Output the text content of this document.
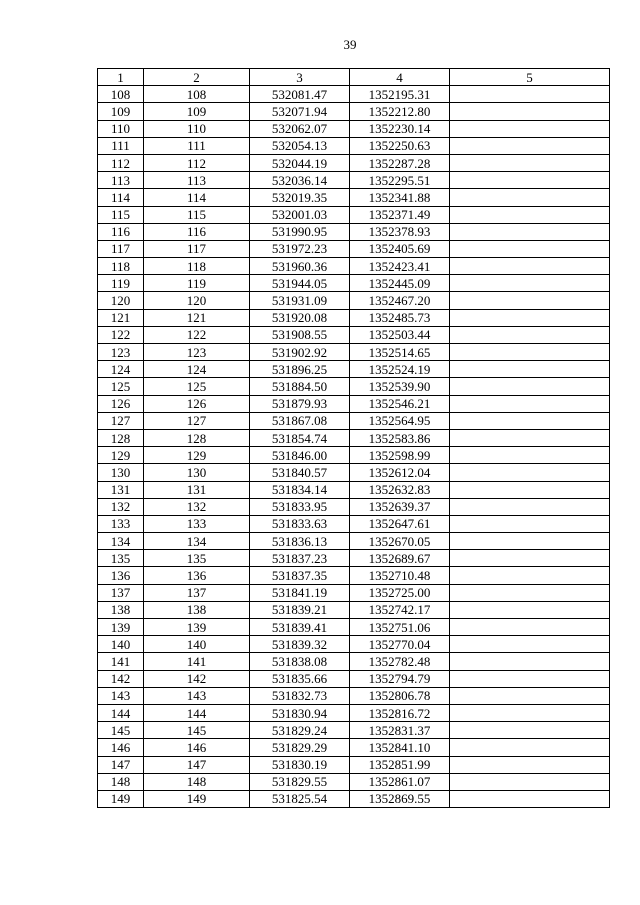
39
1	2	3	4	5
108	108	532081.47	1352195.31	
109	109	532071.94	1352212.80	
110	110	532062.07	1352230.14	
111	111	532054.13	1352250.63	
112	112	532044.19	1352287.28	
113	113	532036.14	1352295.51	
114	114	532019.35	1352341.88	
115	115	532001.03	1352371.49	
116	116	531990.95	1352378.93	
117	117	531972.23	1352405.69	
118	118	531960.36	1352423.41	
119	119	531944.05	1352445.09	
120	120	531931.09	1352467.20	
121	121	531920.08	1352485.73	
122	122	531908.55	1352503.44	
123	123	531902.92	1352514.65	
124	124	531896.25	1352524.19	
125	125	531884.50	1352539.90	
126	126	531879.93	1352546.21	
127	127	531867.08	1352564.95	
128	128	531854.74	1352583.86	
129	129	531846.00	1352598.99	
130	130	531840.57	1352612.04	
131	131	531834.14	1352632.83	
132	132	531833.95	1352639.37	
133	133	531833.63	1352647.61	
134	134	531836.13	1352670.05	
135	135	531837.23	1352689.67	
136	136	531837.35	1352710.48	
137	137	531841.19	1352725.00	
138	138	531839.21	1352742.17	
139	139	531839.41	1352751.06	
140	140	531839.32	1352770.04	
141	141	531838.08	1352782.48	
142	142	531835.66	1352794.79	
143	143	531832.73	1352806.78	
144	144	531830.94	1352816.72	
145	145	531829.24	1352831.37	
146	146	531829.29	1352841.10	
147	147	531830.19	1352851.99	
148	148	531829.55	1352861.07	
149	149	531825.54	1352869.55	
